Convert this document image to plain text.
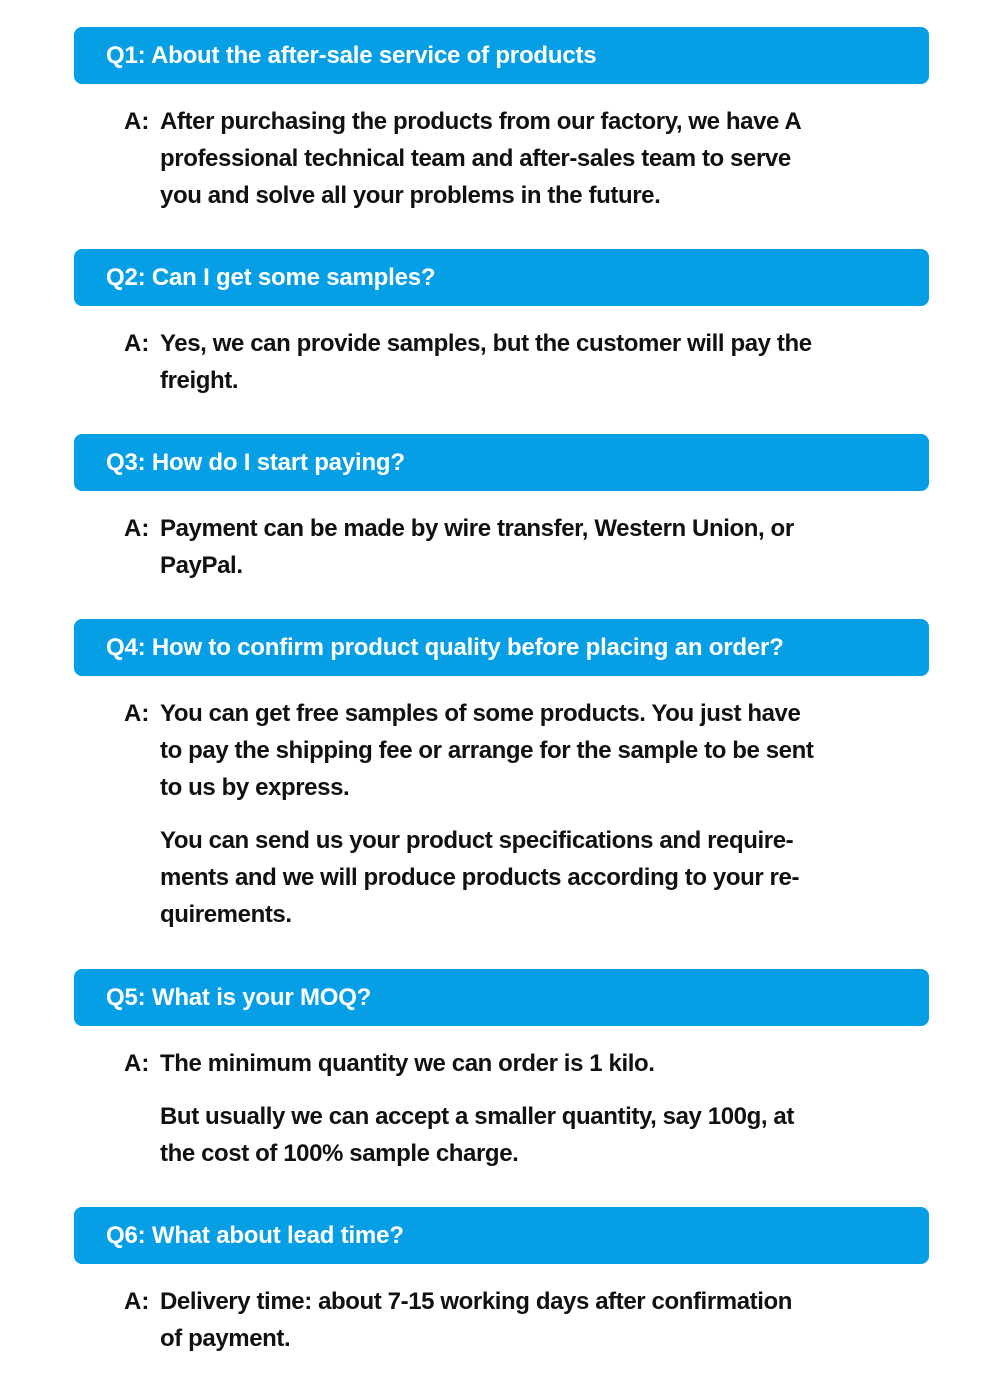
Q1: About the after-sale service of products
A: After purchasing the products from our factory, we have A
professional technical team and after-sales team to serve
you and solve all your problems in the future.
Q2: Can I get some samples?
A: Yes, we can provide samples, but the customer will pay the
freight.
Q3: How do I start paying?
A: Payment can be made by wire transfer, Western Union, or
PayPal.
Q4: How to confirm product quality before placing an order?
A: You can get free samples of some products. You just have
to pay the shipping fee or arrange for the sample to be sent
to us by express.
You can send us your product specifications and require-
ments and we will produce products according to your re-
quirements.
Q5: What is your MOQ?
A: The minimum quantity we can order is 1 kilo.
But usually we can accept a smaller quantity, say 100g, at
the cost of 100% sample charge.
Q6: What about lead time?
A: Delivery time: about 7-15 working days after confirmation
of payment.
